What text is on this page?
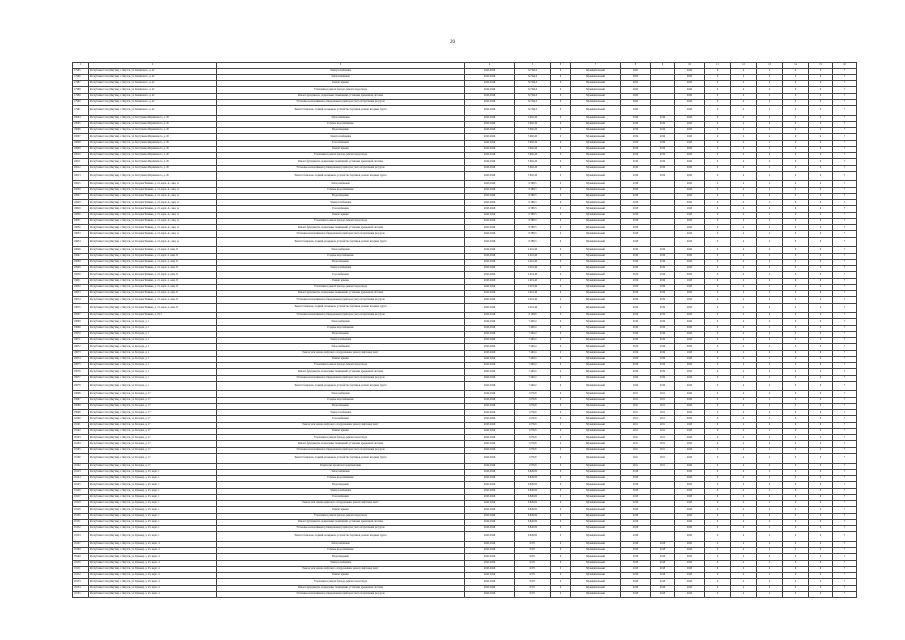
20
1	2	3	4	5	6	7	8	9	10	11	12	13	14	15	16
17985	Республика Саха (Якутия), г. Якутск, ул. Белинского, д. 42	Электроснабжение	2045-2046	32 594,0	0	Муниципальный	2045		2045	0	4	2	0	0	7
17986	Республика Саха (Якутия), г. Якутск, ул. Белинского, д. 42	Теплоснабжение	2045-2046	32 594,0	0	Муниципальный	2045		2045	0	4	2	0	0	7
17987	Республика Саха (Якутия), г. Якутск, ул. Белинского, д. 42	Ремонт крыши	2045-2046	32 594,0	0	Муниципальный	2045		2045	0	4	2	0	0	7
17988	Республика Саха (Якутия), г. Якутск, ул. Белинского, д. 42	Утепление и ремонт фасада, ремонт водоотвода	2045-2046	32 594,0	0	Муниципальный	2045		2045	0	4	2	0	0	7
17989	Республика Саха (Якутия), г. Якутск, ул. Белинского, д. 42	Ремонт фундамента, подвальных помещений, установка дренажной системы	2045-2046	32 594,0	0	Муниципальный	2045		2045	0	4	2	0	0	7
17990	Республика Саха (Якутия), г. Якутск, ул. Белинского, д. 42	Установка коллективных (общедомовых) приборов учета потребления ресурсов	2045-2046	32 594,0	0	Муниципальный	2045		2045	0	4	2	0	0	7
17991	Республика Саха (Якутия), г. Якутск, ул. Белинского, д. 42	Ремонт балконов, лоджий, козырьков, устройство бортиков, ремонт входных групп	2045-2046	32 594,0	0	Муниципальный	2045		2045	0	4	2	0	0	7
18004	Республика Саха (Якутия), г. Якутск, ул. Бестужева-Марлинского, д. 20	Теплоснабжение	2045-2046	3 062,20	0	Муниципальный	2019	2019	2045	0	4	2	0	0	7
18005	Республика Саха (Якутия), г. Якутск, ул. Бестужева-Марлинского, д. 20	Горячее водоснабжение	2045-2046	3 062,20	0	Муниципальный	2019	2019	2045	0	4	2	0	0	7
18006	Республика Саха (Якутия), г. Якутск, ул. Бестужева-Марлинского, д. 20	Водоотведение	2045-2046	3 062,20	0	Муниципальный	2019	2019	2045	0	4	2	0	0	7
18007	Республика Саха (Якутия), г. Якутск, ул. Бестужева-Марлинского, д. 20	Электроснабжение	2045-2046	3 062,20	0	Муниципальный	2019	2019	2045	0	4	2	0	0	7
18008	Республика Саха (Якутия), г. Якутск, ул. Бестужева-Марлинского, д. 20	Газоснабжение	2045-2046	3 062,20	0	Муниципальный	2019	2019	2045	0	4	2	0	0	7
18009	Республика Саха (Якутия), г. Якутск, ул. Бестужева-Марлинского, д. 20	Ремонт крыши	2045-2046	3 062,20	0	Муниципальный	2019	2019	2045	0	4	2	0	0	7
18010	Республика Саха (Якутия), г. Якутск, ул. Бестужева-Марлинского, д. 20	Утепление и ремонт фасада, ремонт водоотвода	2045-2046	3 062,20	0	Муниципальный	2019	2019	2045	0	4	2	0	0	7
18011	Республика Саха (Якутия), г. Якутск, ул. Бестужева-Марлинского, д. 20	Ремонт фундамента, подвальных помещений, установка дренажной системы	2045-2046	3 062,20	0	Муниципальный	2019	2019	2045	0	4	2	0	0	7
18012	Республика Саха (Якутия), г. Якутск, ул. Бестужева-Марлинского, д. 20	Установка коллективных (общедомовых) приборов учета потребления ресурсов	2045-2046	3 062,20	0	Муниципальный	2019	2019	2045	0	4	2	0	0	7
18013	Республика Саха (Якутия), г. Якутск, ул. Бестужева-Марлинского, д. 20	Ремонт балконов, лоджий, козырьков, устройство бортиков, ремонт входных групп	2045-2046	3 062,20	0	Муниципальный	2019	2019	2045	0	4	2	0	0	7
18025	Республика Саха (Якутия), г. Якутск, ул. Богдана Чижика, д. 21, корп. А, секц. А	Теплоснабжение	2045-2046	6 388,3	0	Муниципальный	2018		2045	0	4	2	0	0	7
18026	Республика Саха (Якутия), г. Якутск, ул. Богдана Чижика, д. 21, корп. А, секц. А	Горячее водоснабжение	2045-2046	6 388,3	0	Муниципальный	2018		2045	0	4	2	0	0	7
18027	Республика Саха (Якутия), г. Якутск, ул. Богдана Чижика, д. 21, корп. А, секц. А	Водоотведение	2045-2046	6 388,3	0	Муниципальный	2018		2045	0	4	2	0	0	7
18028	Республика Саха (Якутия), г. Якутск, ул. Богдана Чижика, д. 21, корп. А, секц. А	Электроснабжение	2045-2046	6 388,3	0	Муниципальный	2018		2045	0	4	2	0	0	7
18029	Республика Саха (Якутия), г. Якутск, ул. Богдана Чижика, д. 21, корп. А, секц. А	Газоснабжение	2045-2046	6 388,3	0	Муниципальный	2018		2045	0	4	2	0	0	7
18030	Республика Саха (Якутия), г. Якутск, ул. Богдана Чижика, д. 21, корп. А, секц. А	Ремонт крыши	2045-2046	6 388,3	0	Муниципальный	2018		2045	0	4	2	0	0	7
18031	Республика Саха (Якутия), г. Якутск, ул. Богдана Чижика, д. 21, корп. А, секц. А	Утепление и ремонт фасада, ремонт водоотвода	2045-2046	6 388,3	0	Муниципальный	2018		2045	0	4	2	0	0	7
18032	Республика Саха (Якутия), г. Якутск, ул. Богдана Чижика, д. 21, корп. А, секц. А	Ремонт фундамента, подвальных помещений, установка дренажной системы	2045-2046	6 388,3	0	Муниципальный	2018		2045	0	4	2	0	0	7
18033	Республика Саха (Якутия), г. Якутск, ул. Богдана Чижика, д. 21, корп. А, секц. А	Установка коллективных (общедомовых) приборов учета потребления ресурсов	2045-2046	6 388,3	0	Муниципальный	2018		2045	0	4	2	0	0	7
18034	Республика Саха (Якутия), г. Якутск, ул. Богдана Чижика, д. 21, корп. А, секц. А	Ремонт балконов, лоджий, козырьков, устройство бортиков, ремонт входных групп	2045-2046	6 388,3	0	Муниципальный	2018		2045	0	4	2	0	0	7
18046	Республика Саха (Якутия), г. Якутск, ул. Богдана Чижика, д. 21, корп. 4, секц. Б	Теплоснабжение	2045-2046	2 401,40	0	Муниципальный	2019	2019	2045	0	4	2	0	0	7
18047	Республика Саха (Якутия), г. Якутск, ул. Богдана Чижика, д. 21, корп. 4, секц. Б	Горячее водоснабжение	2045-2046	2 401,40	0	Муниципальный	2019	2019	2045	0	4	2	0	0	7
18048	Республика Саха (Якутия), г. Якутск, ул. Богдана Чижика, д. 21, корп. 4, секц. Б	Водоотведение	2045-2046	2 401,40	0	Муниципальный	2019	2019	2045	0	4	2	0	0	7
18049	Республика Саха (Якутия), г. Якутск, ул. Богдана Чижика, д. 21, корп. 4, секц. Б	Электроснабжение	2045-2046	2 401,40	0	Муниципальный	2019	2019	2045	0	4	2	0	0	7
18050	Республика Саха (Якутия), г. Якутск, ул. Богдана Чижика, д. 21, корп. 4, секц. Б	Газоснабжение	2045-2046	2 401,40	0	Муниципальный	2019	2019	2045	0	4	2	0	0	7
18051	Республика Саха (Якутия), г. Якутск, ул. Богдана Чижика, д. 21, корп. 4, секц. Б	Ремонт крыши	2045-2046	2 401,40	0	Муниципальный	2019	2019	2045	0	4	2	0	0	7
18052	Республика Саха (Якутия), г. Якутск, ул. Богдана Чижика, д. 21, корп. 4, секц. Б	Утепление и ремонт фасада, ремонт водоотвода	2045-2046	2 401,40	0	Муниципальный	2019	2019	2045	0	4	2	0	0	7
18053	Республика Саха (Якутия), г. Якутск, ул. Богдана Чижика, д. 21, корп. 4, секц. Б	Ремонт фундамента, подвальных помещений, установка дренажной системы	2045-2046	2 401,40	0	Муниципальный	2019	2019	2045	0	4	2	0	0	7
18054	Республика Саха (Якутия), г. Якутск, ул. Богдана Чижика, д. 21, корп. 4, секц. Б	Установка коллективных (общедомовых) приборов учета потребления ресурсов	2045-2046	2 401,40	0	Муниципальный	2019	2019	2045	0	4	2	0	0	7
18055	Республика Саха (Якутия), г. Якутск, ул. Богдана Чижика, д. 21, корп. 4, секц. Б	Ремонт балконов, лоджий, козырьков, устройство бортиков, ремонт входных групп	2045-2046	2 401,40	0	Муниципальный	2019	2019	2045	0	4	2	0	0	7
18067	Республика Саха (Якутия), г. Якутск, ул. Богдана Чижика, д. 25/1	Установка коллективных (общедомовых) приборов учета потребления ресурсов	2045-2046	6 108,8	0	Муниципальный	2019	2019	2045	0	4	2	0	0	7
18068	Республика Саха (Якутия), г. Якутск, ул. Бограда, д. 1	Теплоснабжение	2045-2046	7 400,4	0	Муниципальный	2019	2019	2045	0	4	2	0	0	7
18069	Республика Саха (Якутия), г. Якутск, ул. Бограда, д. 1	Горячее водоснабжение	2045-2046	7 400,4	0	Муниципальный	2019	2019	2045	0	4	2	0	0	7
18070	Республика Саха (Якутия), г. Якутск, ул. Бограда, д. 1	Водоотведение	2045-2046	7 400,4	0	Муниципальный	2019	2019	2045	0	4	2	0	0	7
18071	Республика Саха (Якутия), г. Якутск, ул. Бограда, д. 1	Электроснабжение	2045-2046	7 400,4	0	Муниципальный	2019	2019	2045	0	4	2	0	0	7
18072	Республика Саха (Якутия), г. Якутск, ул. Бограда, д. 1	Теплоснабжение	2045-2046	7 400,4	0	Муниципальный	2019	2019	2045	0	4	2	0	0	7
18073	Республика Саха (Якутия), г. Якутск, ул. Бограда, д. 1	Ремонт или замена лифтового оборудования, ремонт лифтовых шахт	2045-2046	7 400,4	0	Муниципальный	2019	2019	2045	0	4	2	0	0	7
18074	Республика Саха (Якутия), г. Якутск, ул. Бограда, д. 1	Ремонт крыши	2045-2046	7 400,4	0	Муниципальный	2019	2019	2045	0	4	2	0	0	7
18075	Республика Саха (Якутия), г. Якутск, ул. Бограда, д. 1	Утепление и ремонт фасада, ремонт водоотвода	2045-2046	7 400,4	0	Муниципальный	2019	2019	2045	0	4	2	0	0	7
18076	Республика Саха (Якутия), г. Якутск, ул. Бограда, д. 1	Ремонт фундамента, подвальных помещений, установка дренажной системы	2045-2046	7 400,4	0	Муниципальный	2019	2019	2045	0	4	2	0	0	7
18077	Республика Саха (Якутия), г. Якутск, ул. Бограда, д. 1	Установка коллективных (общедомовых) приборов учета потребления ресурсов	2045-2046	7 400,4	0	Муниципальный	2019	2019	2045	0	4	2	0	0	7
18078	Республика Саха (Якутия), г. Якутск, ул. Бограда, д. 1	Ремонт балконов, лоджий, козырьков, устройство бортиков, ремонт входных групп	2045-2046	7 400,4	0	Муниципальный	2019	2019	2045	0	4	2	0	0	7
18096	Республика Саха (Якутия), г. Якутск, ул. Богдана, д. 17	Теплоснабжение	2045-2046	1 076,8	0	Муниципальный	2011	2011	2045	0	4	2	0	0	7
18097	Республика Саха (Якутия), г. Якутск, ул. Богдана, д. 17	Горячее водоснабжение	2045-2046	1 076,8	0	Муниципальный	2011	2011	2045	0	4	2	0	0	7
18098	Республика Саха (Якутия), г. Якутск, ул. Богдана, д. 17	Водоотведение	2045-2046	1 076,8	0	Муниципальный	2011	2011	2045	0	4	2	0	0	7
18099	Республика Саха (Якутия), г. Якутск, ул. Богдана, д. 17	Электроснабжение	2045-2046	1 076,8	0	Муниципальный	2011	2011	2045	0	4	2	0	0	7
18100	Республика Саха (Якутия), г. Якутск, ул. Богдана, д. 17	Газоснабжение	2045-2046	1 076,8	0	Муниципальный	2011	2011	2045	0	4	2	0	0	7
18101	Республика Саха (Якутия), г. Якутск, ул. Богдана, д. 17	Ремонт или замена лифтового оборудования, ремонт лифтовых шахт	2045-2046	1 076,8	0	Муниципальный	2011	2011	2045	0	4	2	0	0	7
18102	Республика Саха (Якутия), г. Якутск, ул. Богдана, д. 17	Ремонт крыши	2045-2046	1 076,8	0	Муниципальный	2011	2011	2045	0	4	2	0	0	7
18103	Республика Саха (Якутия), г. Якутск, ул. Богдана, д. 17	Утепление и ремонт фасада, ремонт водоотвода	2045-2046	1 076,8	0	Муниципальный	2011	2011	2045	0	4	2	0	0	7
18104	Республика Саха (Якутия), г. Якутск, ул. Богдана, д. 17	Ремонт фундамента, подвальных помещений, установка дренажной системы	2045-2046	1 076,8	0	Муниципальный	2011	2011	2045	0	4	2	0	0	7
18105	Республика Саха (Якутия), г. Якутск, ул. Богдана, д. 17	Установка коллективных (общедомовых) приборов учета потребления ресурсов	2045-2046	1 076,8	0	Муниципальный	2011	2011	2045	0	4	2	0	0	7
18106	Республика Саха (Якутия), г. Якутск, ул. Богдана, д. 17	Ремонт балконов, лоджий, козырьков, устройство бортиков, ремонт входных групп	2045-2046	1 076,8	0	Муниципальный	2011	2011	2045	0	4	2	0	0	7
18122	Республика Саха (Якутия), г. Якутск, ул. Богдана, д. 17	Разработка проектной документации	2045-2046	1 076,8	0	Муниципальный	2011	2011	2045	0	4	2	0	0	7
18123	Республика Саха (Якутия), г. Якутск, ул. Бульвар, д. 25, корп. 1	Теплоснабжение	2045-2046	6 826,82	0	Муниципальный	2018		2045	0	4	2	0	0	7
18124	Республика Саха (Якутия), г. Якутск, ул. Бульвар, д. 25, корп. 1	Горячее водоснабжение	2045-2046	6 826,82	0	Муниципальный	2018		2045	0	4	2	0	0	7
18125	Республика Саха (Якутия), г. Якутск, ул. Бульвар, д. 25, корп. 1	Водоотведение	2045-2046	6 826,82	0	Муниципальный	2018		2045	0	4	2	0	0	7
18126	Республика Саха (Якутия), г. Якутск, ул. Бульвар, д. 25, корп. 1	Электроснабжение	2045-2046	6 826,82	0	Муниципальный	2018		2045	0	4	2	0	0	7
18127	Республика Саха (Якутия), г. Якутск, ул. Бульвар, д. 25, корп. 1	Газоснабжение	2045-2046	6 826,82	0	Муниципальный	2018		2045	0	4	2	0	0	7
18128	Республика Саха (Якутия), г. Якутск, ул. Бульвар, д. 25, корп. 1	Ремонт или замена лифтового оборудования, ремонт лифтовых шахт	2045-2046	6 826,82	0	Муниципальный	2018		2045	0	4	2	0	0	7
18129	Республика Саха (Якутия), г. Якутск, ул. Бульвар, д. 25, корп. 1	Ремонт крыши	2045-2046	6 826,82	0	Муниципальный	2018		2045	0	4	2	0	0	7
18130	Республика Саха (Якутия), г. Якутск, ул. Бульвар, д. 25, корп. 1	Утепление и ремонт фасада, ремонт водоотвода	2045-2046	6 826,82	0	Муниципальный	2018		2045	0	4	2	0	0	7
18131	Республика Саха (Якутия), г. Якутск, ул. Бульвар, д. 25, корп. 1	Ремонт фундамента, подвальных помещений, установка дренажной системы	2045-2046	6 826,82	0	Муниципальный	2018		2045	0	4	2	0	0	7
18132	Республика Саха (Якутия), г. Якутск, ул. Бульвар, д. 25, корп. 1	Установка коллективных (общедомовых) приборов учета потребления ресурсов	2045-2046	6 826,82	0	Муниципальный	2018		2045	0	4	2	0	0	7
18133	Республика Саха (Якутия), г. Якутск, ул. Бульвар, д. 25, корп. 1	Ремонт балконов, лоджий, козырьков, устройство бортиков, ремонт входных групп	2045-2046	6 826,82	0	Муниципальный	2018		2045	0	4	2	0	0	7
18147	Республика Саха (Якутия), г. Якутск, ул. Бульвар, д. 25, корп. 4	Теплоснабжение	2045-2046	6 871	0	Муниципальный	2018	2018	2045	0	4	2	0	0	7
18148	Республика Саха (Якутия), г. Якутск, ул. Бульвар, д. 25, корп. 4	Горячее водоснабжение	2045-2046	6 871	0	Муниципальный	2018	2018	2045	0	4	2	0	0	7
18149	Республика Саха (Якутия), г. Якутск, ул. Бульвар, д. 25, корп. 4	Водоотведение	2045-2046	6 871	0	Муниципальный	2018	2018	2045	0	4	2	0	0	7
18150	Республика Саха (Якутия), г. Якутск, ул. Бульвар, д. 25, корп. 4	Электроснабжение	2045-2046	6 871	0	Муниципальный	2018	2018	2045	0	4	2	0	0	7
18151	Республика Саха (Якутия), г. Якутск, ул. Бульвар, д. 25, корп. 4	Ремонт или замена лифтового оборудования, ремонт лифтовых шахт	2045-2046	6 871	0	Муниципальный	2018	2018	2045	0	4	2	0	0	7
18152	Республика Саха (Якутия), г. Якутск, ул. Бульвар, д. 25, корп. 4	Ремонт крыши	2045-2046	6 871	0	Муниципальный	2018	2018	2045	0	4	2	0	0	7
18153	Республика Саха (Якутия), г. Якутск, ул. Бульвар, д. 25, корп. 4	Утепление и ремонт фасада, ремонт водоотвода	2045-2046	6 871	0	Муниципальный	2018	2018	2045	0	4	2	0	0	7
18154	Республика Саха (Якутия), г. Якутск, ул. Бульвар, д. 25, корп. 4	Ремонт фундамента, подвальных помещений, установка дренажной системы	2045-2046	6 871	0	Муниципальный	2018	2018	2045	0	4	2	0	0	7
18155	Республика Саха (Якутия), г. Якутск, ул. Бульвар, д. 25, корп. 4	Установка коллективных (общедомовых) приборов учета потребления ресурсов	2045-2046	6 871	0	Муниципальный	2018	2018	2045	0	4	2	0	0	7
